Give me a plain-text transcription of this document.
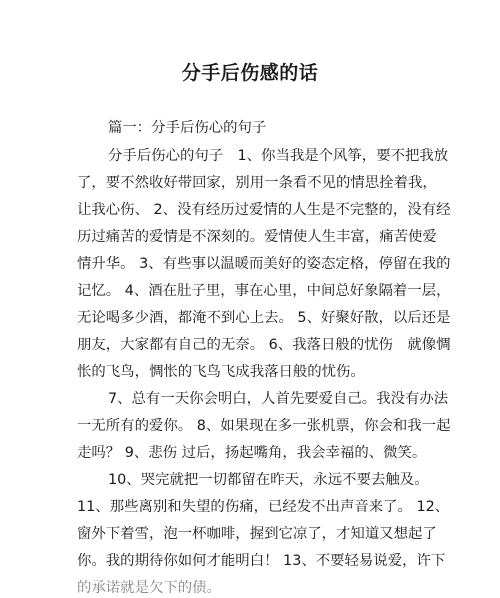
分手后伤感的话
篇一：分手后伤心的句子
分手后伤心的句子　1、你当我是个风筝，要不把我放
了，要不然收好带回家，别用一条看不见的情思拴着我，
让我心伤、 2、没有经历过爱情的人生是不完整的，没有经
历过痛苦的爱情是不深刻的。爱情使人生丰富，痛苦使爱
情升华。 3、有些事以温暖而美好的姿态定格，停留在我的
记忆。 4、酒在肚子里，事在心里，中间总好象隔着一层，
无论喝多少酒，都淹不到心上去。 5、好聚好散，以后还是
朋友，大家都有自己的无奈。 6、我落日般的忧伤　就像惆
怅的飞鸟，惆怅的飞鸟飞成我落日般的忧伤。
7、总有一天你会明白，人首先要爱自己。我没有办法
一无所有的爱你。 8、如果现在多一张机票，你会和我一起
走吗？ 9、悲伤 过后，扬起嘴角，我会幸福的、微笑。
10、哭完就把一切都留在昨天，永远不要去触及。
11、那些离别和失望的伤痛，已经发不出声音来了。 12、
窗外下着雪，泡一杯咖啡，握到它凉了，才知道又想起了
你。我的期待你如何才能明白！ 13、不要轻易说爱，许下
的承诺就是欠下的债。
